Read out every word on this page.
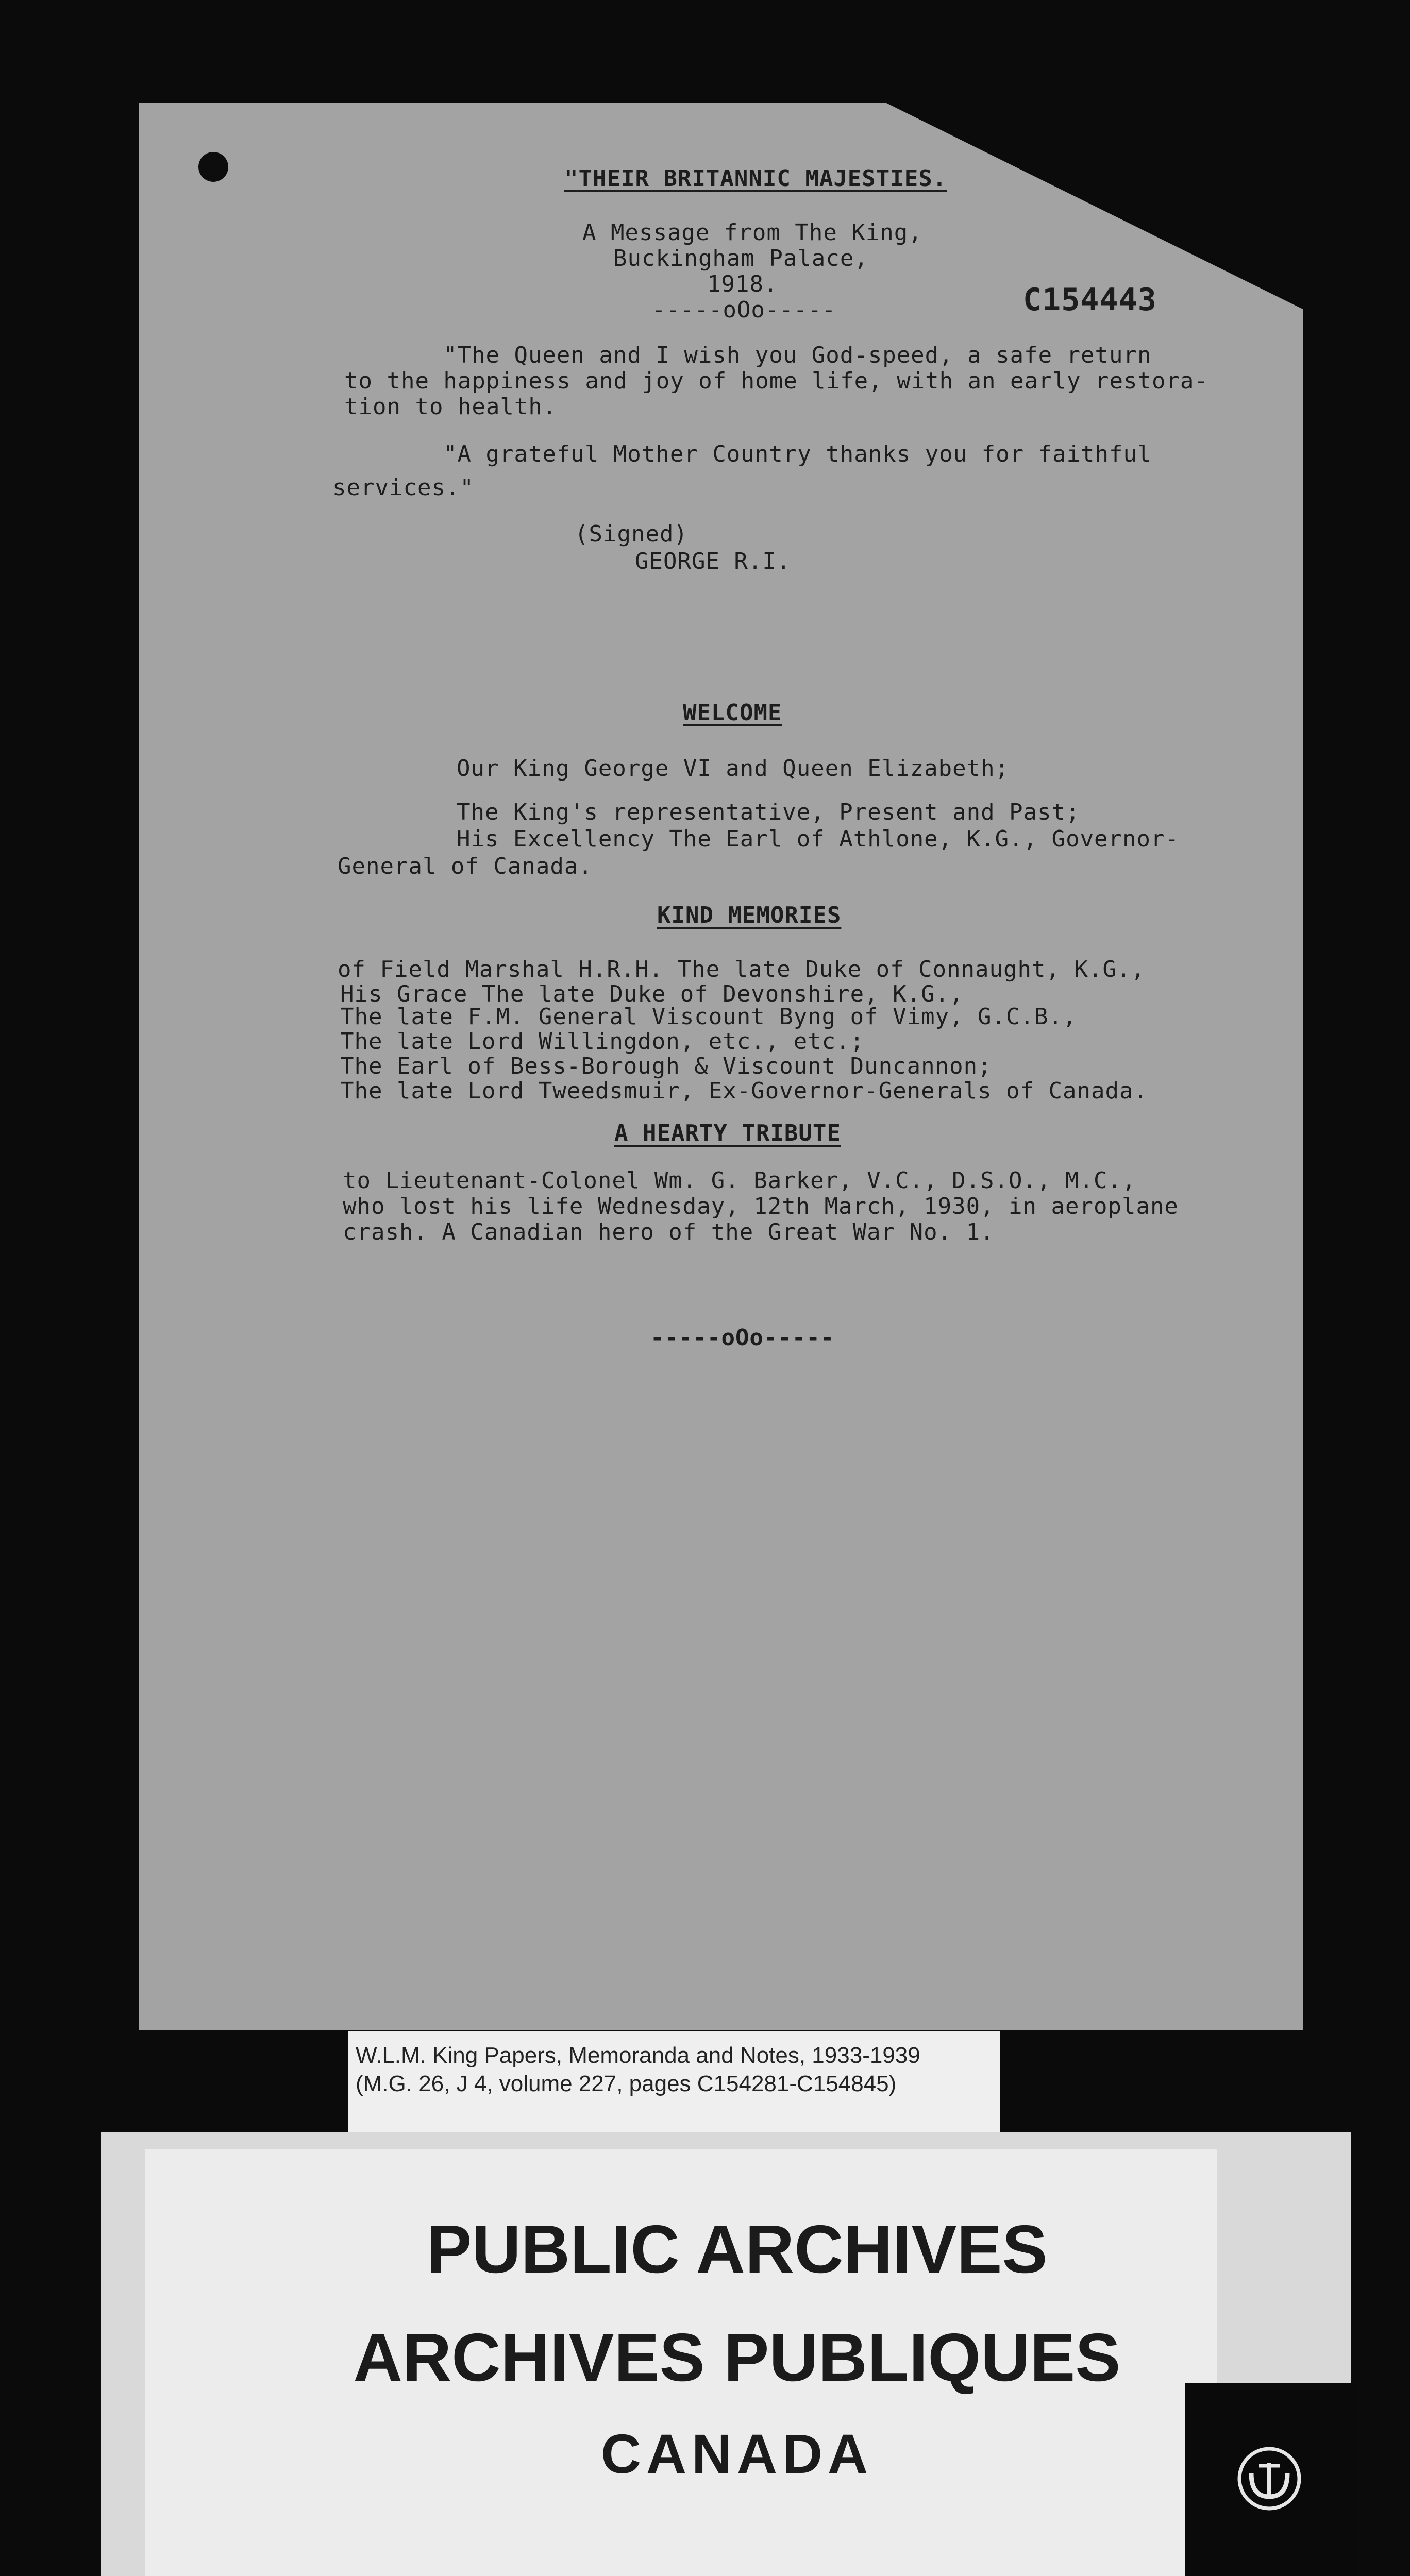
"THEIR BRITANNIC MAJESTIES.
A Message from The King,
Buckingham Palace,
1918.
-----oOo-----	C154443
"The Queen and I wish you God-speed, a safe return
to the happiness and joy of home life, with an early restora-
tion to health.
"A grateful Mother Country thanks you for faithful
services."
(Signed)
GEORGE R.I.
WELCOME
Our King George VI and Queen Elizabeth;
The King's representative, Present and Past;
His Excellency The Earl of Athlone, K.G., Governor-
General of Canada.
KIND MEMORIES
of Field Marshal H.R.H. The late Duke of Connaught, K.G.,
His Grace The late Duke of Devonshire, K.G.,
The late F.M. General Viscount Byng of Vimy, G.C.B.,
The late Lord Willingdon, etc., etc.;
The Earl of Bess-Borough & Viscount Duncannon;
The late Lord Tweedsmuir, Ex-Governor-Generals of Canada.
A HEARTY TRIBUTE
to Lieutenant-Colonel Wm. G. Barker, V.C., D.S.O., M.C.,
who lost his life Wednesday, 12th March, 1930, in aeroplane
crash. A Canadian hero of the Great War No. 1.
-----oOo-----
W.L.M. King Papers, Memoranda and Notes, 1933-1939
(M.G. 26, J 4, volume 227, pages C154281-C154845)
PUBLIC ARCHIVES
ARCHIVES PUBLIQUES
CANADA
